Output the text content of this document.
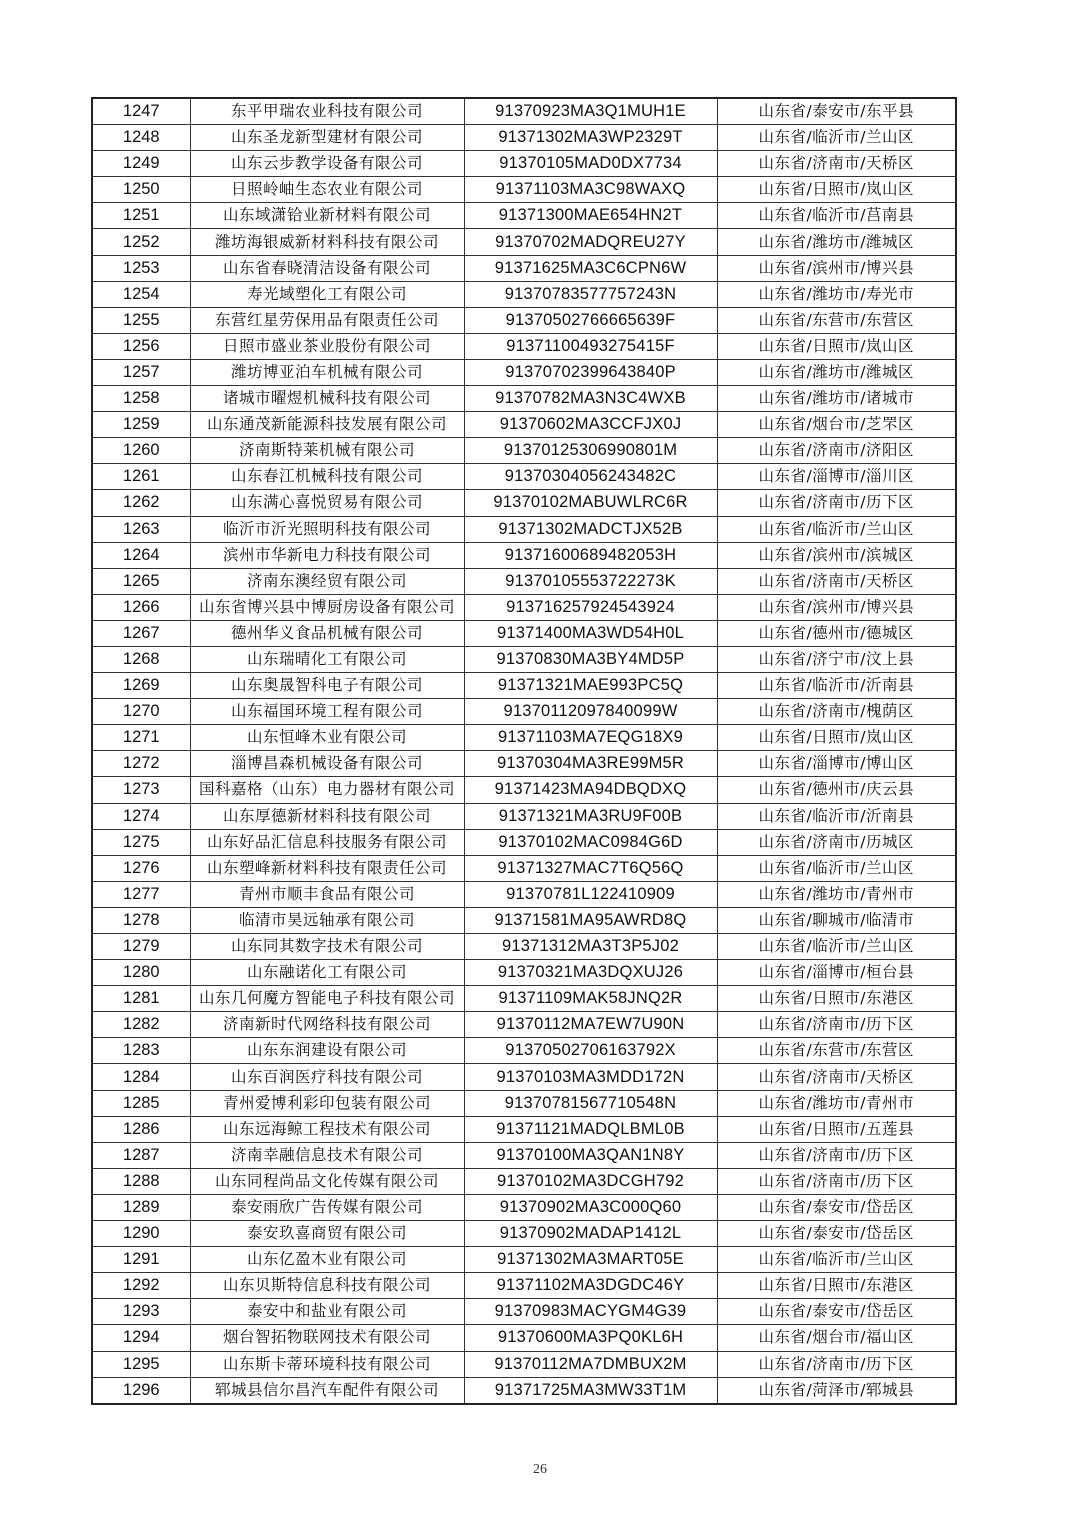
1247	东平甲瑞农业科技有限公司	91370923MA3Q1MUH1E	山东省/泰安市/东平县
1248	山东圣龙新型建材有限公司	91371302MA3WP2329T	山东省/临沂市/兰山区
1249	山东云步教学设备有限公司	91370105MAD0DX7734	山东省/济南市/天桥区
1250	日照岭岫生态农业有限公司	91371103MA3C98WAXQ	山东省/日照市/岚山区
1251	山东域潇铪业新材料有限公司	91371300MAE654HN2T	山东省/临沂市/莒南县
1252	潍坊海银威新材料科技有限公司	91370702MADQREU27Y	山东省/潍坊市/潍城区
1253	山东省春晓清洁设备有限公司	91371625MA3C6CPN6W	山东省/滨州市/博兴县
1254	寿光域塑化工有限公司	91370783577757243N	山东省/潍坊市/寿光市
1255	东营红星劳保用品有限责任公司	91370502766665639F	山东省/东营市/东营区
1256	日照市盛业茶业股份有限公司	91371100493275415F	山东省/日照市/岚山区
1257	潍坊博亚泊车机械有限公司	91370702399643840P	山东省/潍坊市/潍城区
1258	诸城市曜煜机械科技有限公司	91370782MA3N3C4WXB	山东省/潍坊市/诸城市
1259	山东通茂新能源科技发展有限公司	91370602MA3CCFJX0J	山东省/烟台市/芝罘区
1260	济南斯特莱机械有限公司	91370125306990801M	山东省/济南市/济阳区
1261	山东春江机械科技有限公司	91370304056243482C	山东省/淄博市/淄川区
1262	山东满心喜悦贸易有限公司	91370102MABUWLRC6R	山东省/济南市/历下区
1263	临沂市沂光照明科技有限公司	91371302MADCTJX52B	山东省/临沂市/兰山区
1264	滨州市华新电力科技有限公司	91371600689482053H	山东省/滨州市/滨城区
1265	济南东澳经贸有限公司	91370105553722273K	山东省/济南市/天桥区
1266	山东省博兴县中博厨房设备有限公司	913716257924543924	山东省/滨州市/博兴县
1267	德州华义食品机械有限公司	91371400MA3WD54H0L	山东省/德州市/德城区
1268	山东瑞晴化工有限公司	91370830MA3BY4MD5P	山东省/济宁市/汶上县
1269	山东奥晟智科电子有限公司	91371321MAE993PC5Q	山东省/临沂市/沂南县
1270	山东福国环境工程有限公司	91370112097840099W	山东省/济南市/槐荫区
1271	山东恒峰木业有限公司	91371103MA7EQG18X9	山东省/日照市/岚山区
1272	淄博昌森机械设备有限公司	91370304MA3RE99M5R	山东省/淄博市/博山区
1273	国科嘉格（山东）电力器材有限公司	91371423MA94DBQDXQ	山东省/德州市/庆云县
1274	山东厚德新材料科技有限公司	91371321MA3RU9F00B	山东省/临沂市/沂南县
1275	山东好品汇信息科技服务有限公司	91370102MAC0984G6D	山东省/济南市/历城区
1276	山东塑峰新材料科技有限责任公司	91371327MAC7T6Q56Q	山东省/临沂市/兰山区
1277	青州市顺丰食品有限公司	91370781L122410909	山东省/潍坊市/青州市
1278	临清市昊远轴承有限公司	91371581MA95AWRD8Q	山东省/聊城市/临清市
1279	山东同其数字技术有限公司	91371312MA3T3P5J02	山东省/临沂市/兰山区
1280	山东融诺化工有限公司	91370321MA3DQXUJ26	山东省/淄博市/桓台县
1281	山东几何魔方智能电子科技有限公司	91371109MAK58JNQ2R	山东省/日照市/东港区
1282	济南新时代网络科技有限公司	91370112MA7EW7U90N	山东省/济南市/历下区
1283	山东东润建设有限公司	91370502706163792X	山东省/东营市/东营区
1284	山东百润医疗科技有限公司	91370103MA3MDD172N	山东省/济南市/天桥区
1285	青州爱博利彩印包装有限公司	91370781567710548N	山东省/潍坊市/青州市
1286	山东远海鲸工程技术有限公司	91371121MADQLBML0B	山东省/日照市/五莲县
1287	济南幸融信息技术有限公司	91370100MA3QAN1N8Y	山东省/济南市/历下区
1288	山东同程尚品文化传媒有限公司	91370102MA3DCGH792	山东省/济南市/历下区
1289	泰安雨欣广告传媒有限公司	91370902MA3C000Q60	山东省/泰安市/岱岳区
1290	泰安玖喜商贸有限公司	91370902MADAP1412L	山东省/泰安市/岱岳区
1291	山东亿盈木业有限公司	91371302MA3MART05E	山东省/临沂市/兰山区
1292	山东贝斯特信息科技有限公司	91371102MA3DGDC46Y	山东省/日照市/东港区
1293	泰安中和盐业有限公司	91370983MACYGM4G39	山东省/泰安市/岱岳区
1294	烟台智拓物联网技术有限公司	91370600MA3PQ0KL6H	山东省/烟台市/福山区
1295	山东斯卡蒂环境科技有限公司	91370112MA7DMBUX2M	山东省/济南市/历下区
1296	郓城县信尔昌汽车配件有限公司	91371725MA3MW33T1M	山东省/菏泽市/郓城县
26
